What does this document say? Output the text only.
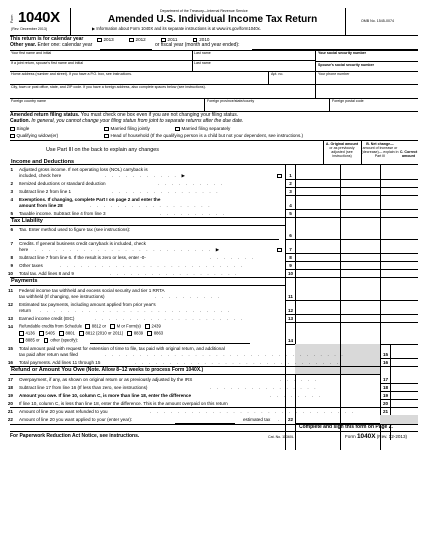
Form 1040X
(Rev. December 2013)
Department of the Treasury—Internal Revenue Service
Amended U.S. Individual Income Tax Return
▶ Information about Form 1040X and its separate instructions is at www.irs.gov/form1040x.
OMB No. 1545-0074
This return is for calendar year	2013	2012	2011	2010
Other year. Enter one: calendar year	or fiscal year (month and year ended):
Your first name and initial	Last name	Your social security number
If a joint return, spouse's first name and initial	Last name	Spouse's social security number
Home address (number and street). If you have a P.O. box, see instructions.	Apt. no.	Your phone number
City, town or post office, state, and ZIP code. If you have a foreign address, also complete spaces below (see instructions).
Foreign country name	Foreign province/state/county	Foreign postal code
Amended return filing status. You must check one box even if you are not changing your filing status.
Caution. In general, you cannot change your filing status from joint to separate returns after the due date.
Single	Married filing jointly	Married filing separately
Qualifying widow(er)	Head of household (If the qualifying person is a child but not your dependent, see instructions.)
Use Part III on the back to explain any changes
Income and Deductions
A. Original amount
or as previously adjusted (see instructions)
B. Net change—
amount of increase or (decrease)— explain in Part III
C. Correct amount
1 Adjusted gross income. If net operating loss (NOL) carryback is
included, check here	. . . . . . . . . . . ▶	1
2 Itemized deductions or standard deduction	. . . . . . . . . .	2
3 Subtract line 2 from line 1	. . . . . . . . . . . . . . . .	3
4 Exemptions. If changing, complete Part I on page 2 and enter the
amount from line 28	. . . . . . . . . . . . . . . . . .	4
5 Taxable income. Subtract line 4 from line 3	. . . . . . . . . .	5
Tax Liability
6 Tax. Enter method used to figure tax (see instructions):
6
7 Credits. If general business credit carryback is included, check
here . . . . . . . . . . . . . . . . . . . . . . . . . . ▶	7
8 Subtract line 7 from line 6. If the result is zero or less, enter -0-	. . . . . . .	8
9 Other taxes	. . . . . . . . . . . . . . . . . . . . . . . . . . .	9
10 Total tax. Add lines 8 and 9	. . . . . . . . . . . . . . . . . . .	10
Payments
11 Federal income tax withheld and excess social security and tier 1 RRTA
tax withheld (If changing, see instructions)	. . . . . . . . . .	11
12 Estimated tax payments, including amount applied from prior year's
return . . . . . . . . . . . . . . . . . . . . . . . . . . . .	12
13 Earned income credit (EIC)	. . . . . . . . . . . . . . . . . . . . . .	13
14 Refundable credits from Schedule 8812 or	M or Form(s)	2439
4136	5405	8801	8812 (2010 or 2011)	8839	8863
8885 or	other (specify):	14
15 Total amount paid with request for extension of time to file, tax paid with original return, and additional
tax paid after return was filed	. . . . . . . . . . . . . . . . . . . . . . . . . . . . . . . . . . .	15
16 Total payments. Add lines 11 through 15	. . . . . . . . . . . . . . . . . . . . . . . . . . . . . .	16
Refund or Amount You Owe (Note. Allow 8–12 weeks to process Form 1040X.)
17 Overpayment, if any, as shown on original return or as previously adjusted by the IRS	. . . . . .	17
18 Subtract line 17 from line 16 (If less than zero, see instructions)	. . . . . . . . . . . . . . . .	18
19 Amount you owe. If line 10, column C, is more than line 18, enter the difference	. . . . . . . .	19
20 If line 10, column C, is less than line 18, enter the difference. This is the amount overpaid on this return	20
21 Amount of line 20 you want refunded to you	. . . . . . . . . . . . . . . . . . . . . . . . . . . . . .	21
22 Amount of line 20 you want applied to your (enter year):	estimated tax .	22
Complete and sign this form on Page 2.
For Paperwork Reduction Act Notice, see instructions.	Cat. No. 11360L	Form 1040X (Rev. 12-2013)
